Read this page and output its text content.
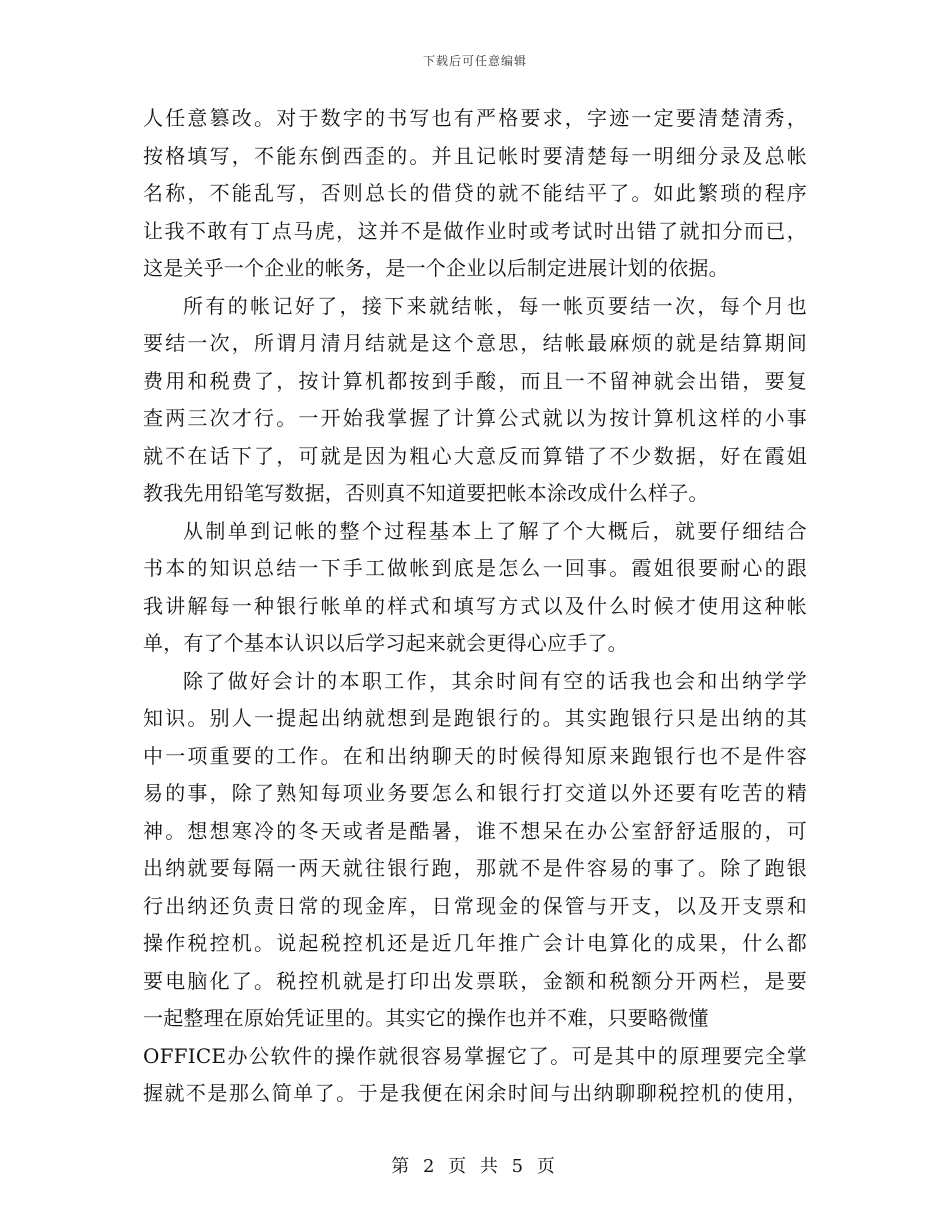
下载后可任意编辑
人任意篡改。对于数字的书写也有严格要求，字迹一定要清楚清秀，
按格填写，不能东倒西歪的。并且记帐时要清楚每一明细分录及总帐
名称，不能乱写，否则总长的借贷的就不能结平了。如此繁琐的程序
让我不敢有丁点马虎，这并不是做作业时或考试时出错了就扣分而已，
这是关乎一个企业的帐务，是一个企业以后制定进展计划的依据。
所有的帐记好了，接下来就结帐，每一帐页要结一次，每个月也
要结一次，所谓月清月结就是这个意思，结帐最麻烦的就是结算期间
费用和税费了，按计算机都按到手酸，而且一不留神就会出错，要复
查两三次才行。一开始我掌握了计算公式就以为按计算机这样的小事
就不在话下了，可就是因为粗心大意反而算错了不少数据，好在霞姐
教我先用铅笔写数据，否则真不知道要把帐本涂改成什么样子。
从制单到记帐的整个过程基本上了解了个大概后，就要仔细结合
书本的知识总结一下手工做帐到底是怎么一回事。霞姐很要耐心的跟
我讲解每一种银行帐单的样式和填写方式以及什么时候才使用这种帐
单，有了个基本认识以后学习起来就会更得心应手了。
除了做好会计的本职工作，其余时间有空的话我也会和出纳学学
知识。别人一提起出纳就想到是跑银行的。其实跑银行只是出纳的其
中一项重要的工作。在和出纳聊天的时候得知原来跑银行也不是件容
易的事，除了熟知每项业务要怎么和银行打交道以外还要有吃苦的精
神。想想寒冷的冬天或者是酷暑，谁不想呆在办公室舒舒适服的，可
出纳就要每隔一两天就往银行跑，那就不是件容易的事了。除了跑银
行出纳还负责日常的现金库，日常现金的保管与开支，以及开支票和
操作税控机。说起税控机还是近几年推广会计电算化的成果，什么都
要电脑化了。税控机就是打印出发票联，金额和税额分开两栏，是要
一起整理在原始凭证里的。其实它的操作也并不难，只要略微懂
OFFICE办公软件的操作就很容易掌握它了。可是其中的原理要完全掌
握就不是那么简单了。于是我便在闲余时间与出纳聊聊税控机的使用，
第 2 页 共 5 页
